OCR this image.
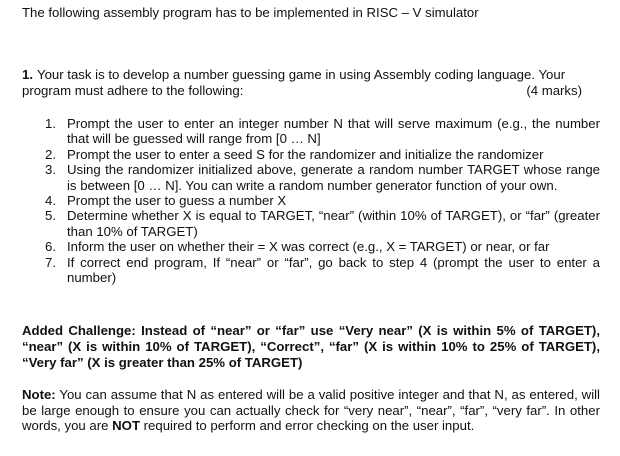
The following assembly program has to be implemented in RISC – V simulator
1. Your task is to develop a number guessing game in using Assembly coding language. Your
program must adhere to the following:	(4 marks)
1. Prompt the user to enter an integer number N that will serve maximum (e.g., the number that will be guessed will range from [0 … N]
2. Prompt the user to enter a seed S for the randomizer and initialize the randomizer
3. Using the randomizer initialized above, generate a random number TARGET whose range is between [0 … N]. You can write a random number generator function of your own.
4. Prompt the user to guess a number X
5. Determine whether X is equal to TARGET, “near” (within 10% of TARGET), or “far” (greater than 10% of TARGET)
6. Inform the user on whether their = X was correct (e.g., X = TARGET) or near, or far
7. If correct end program, If “near” or “far”, go back to step 4 (prompt the user to enter a number)
Added Challenge: Instead of “near” or “far” use “Very near” (X is within 5% of TARGET), “near” (X is within 10% of TARGET), “Correct”, “far” (X is within 10% to 25% of TARGET), “Very far” (X is greater than 25% of TARGET)
Note: You can assume that N as entered will be a valid positive integer and that N, as entered, will be large enough to ensure you can actually check for “very near”, “near”, “far”, “very far”. In other words, you are NOT required to perform and error checking on the user input.
